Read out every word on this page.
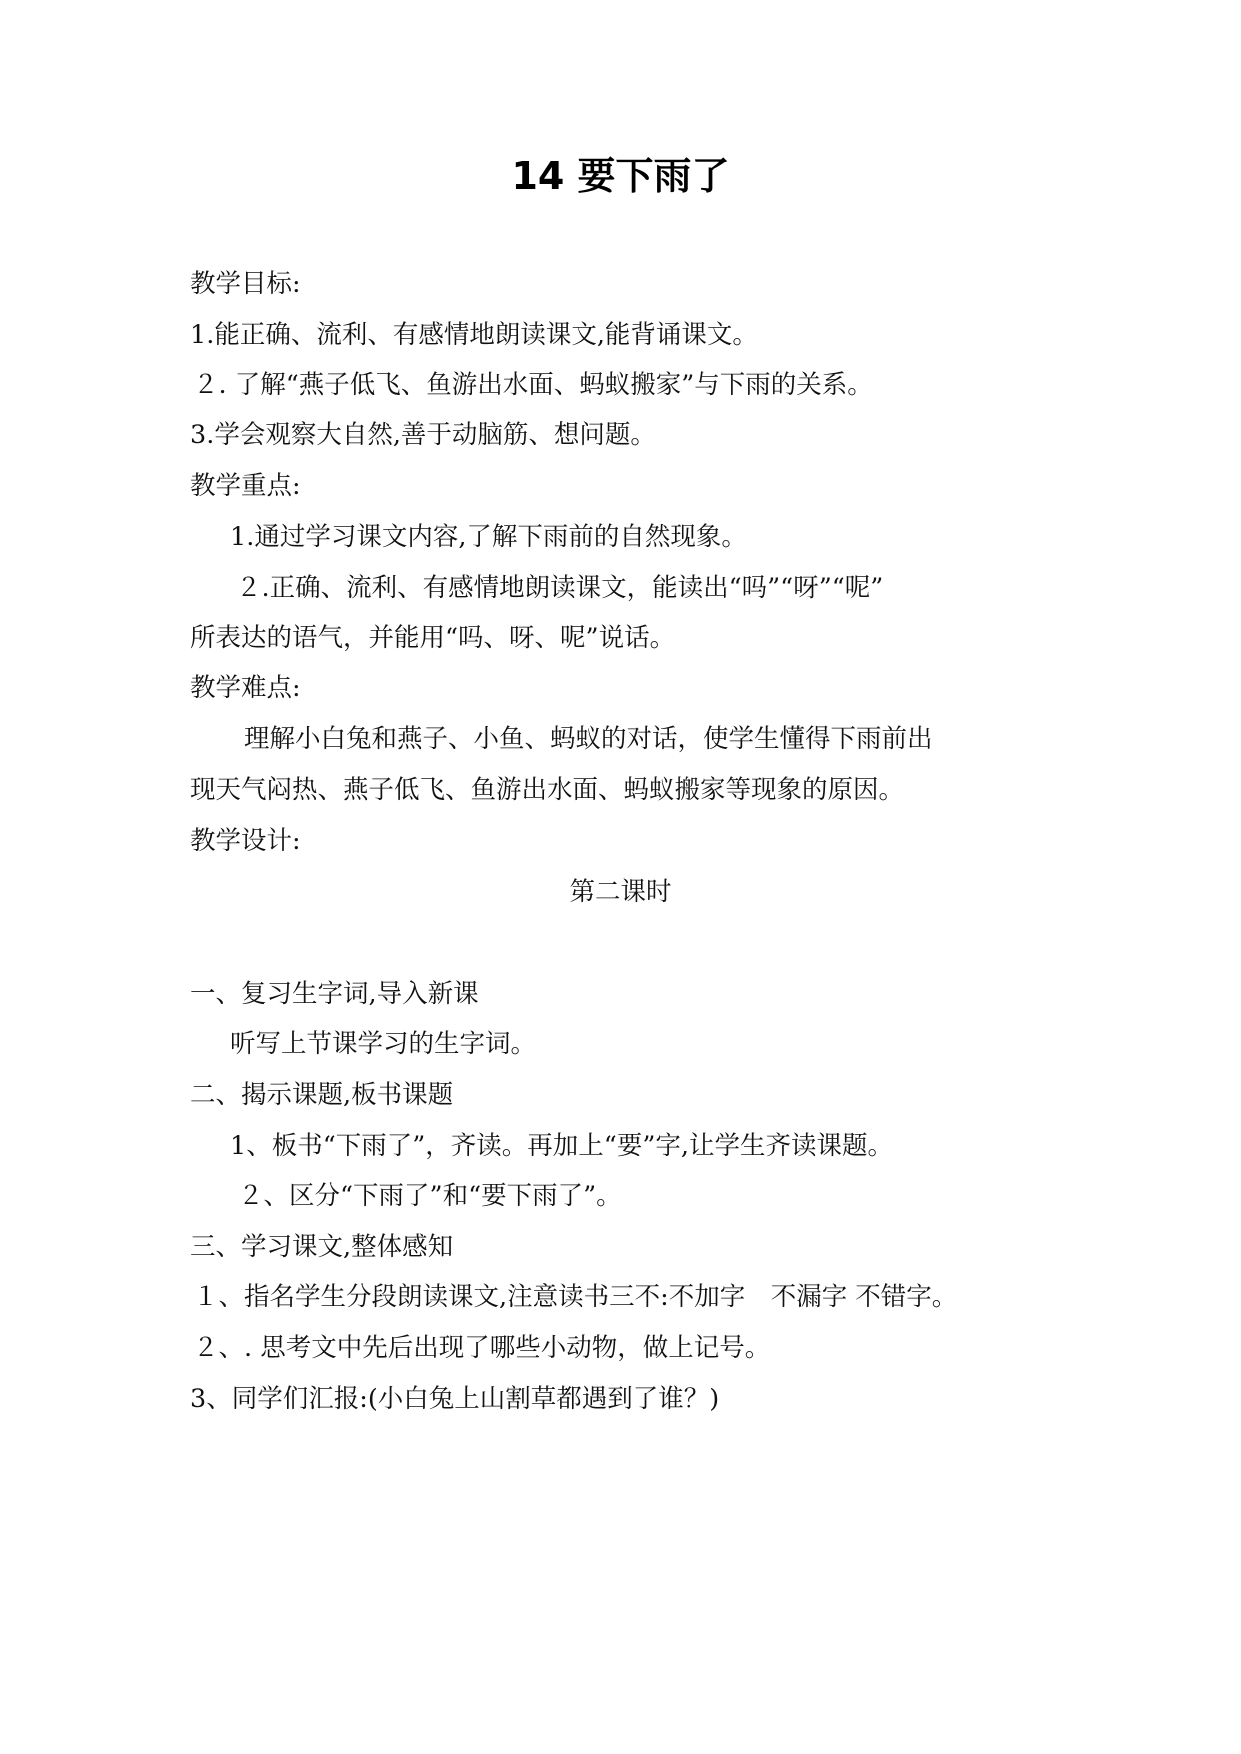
14 要下雨了
教学目标:
1.能正确、流利、有感情地朗读课文,能背诵课文。
２. 了解“燕子低飞、鱼游出水面、蚂蚁搬家”与下雨的关系。
3.学会观察大自然,善于动脑筋、想问题。
教学重点:
1.通过学习课文内容,了解下雨前的自然现象。
２.正确、流利、有感情地朗读课文，能读出“吗”“呀”“呢”
所表达的语气，并能用“吗、呀、呢”说话。
教学难点:
理解小白兔和燕子、小鱼、蚂蚁的对话，使学生懂得下雨前出
现天气闷热、燕子低飞、鱼游出水面、蚂蚁搬家等现象的原因。
教学设计:
第二课时
一、复习生字词,导入新课
听写上节课学习的生字词。
二、揭示课题,板书课题
1、板书“下雨了”，齐读。再加上“要”字,让学生齐读课题。
２、区分“下雨了”和“要下雨了”。
三、学习课文,整体感知
１、指名学生分段朗读课文,注意读书三不:不加字　不漏字 不错字。
２、. 思考文中先后出现了哪些小动物，做上记号。
3、同学们汇报:(小白兔上山割草都遇到了谁？)
